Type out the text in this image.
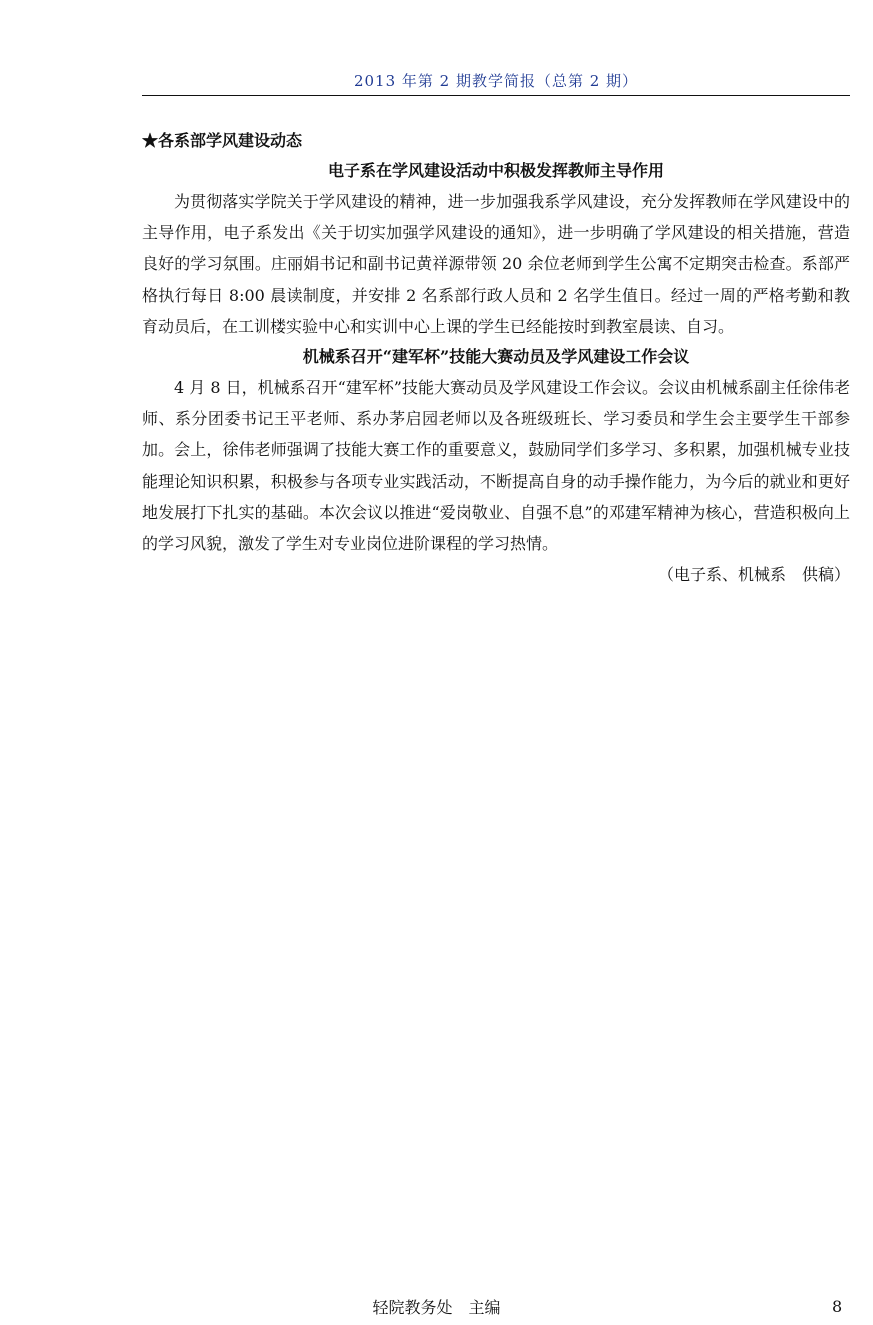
2013 年第 2 期教学简报（总第 2 期）

★各系部学风建设动态

电子系在学风建设活动中积极发挥教师主导作用

为贯彻落实学院关于学风建设的精神，进一步加强我系学风建设，充分发挥教师在学风建设中的主导作用，电子系发出《关于切实加强学风建设的通知》，进一步明确了学风建设的相关措施，营造良好的学习氛围。庄丽娟书记和副书记黄祥源带领 20 余位老师到学生公寓不定期突击检查。系部严格执行每日 8:00 晨读制度，并安排 2 名系部行政人员和 2 名学生值日。经过一周的严格考勤和教育动员后，在工训楼实验中心和实训中心上课的学生已经能按时到教室晨读、自习。

机械系召开“建军杯”技能大赛动员及学风建设工作会议

4 月 8 日，机械系召开“建军杯”技能大赛动员及学风建设工作会议。会议由机械系副主任徐伟老师、系分团委书记王平老师、系办茅启园老师以及各班级班长、学习委员和学生会主要学生干部参加。会上，徐伟老师强调了技能大赛工作的重要意义，鼓励同学们多学习、多积累，加强机械专业技能理论知识积累，积极参与各项专业实践活动，不断提高自身的动手操作能力，为今后的就业和更好地发展打下扎实的基础。本次会议以推进“爱岗敬业、自强不息”的邓建军精神为核心，营造积极向上的学习风貌，激发了学生对专业岗位进阶课程的学习热情。

（电子系、机械系　供稿）

轻院教务处　主编	8
